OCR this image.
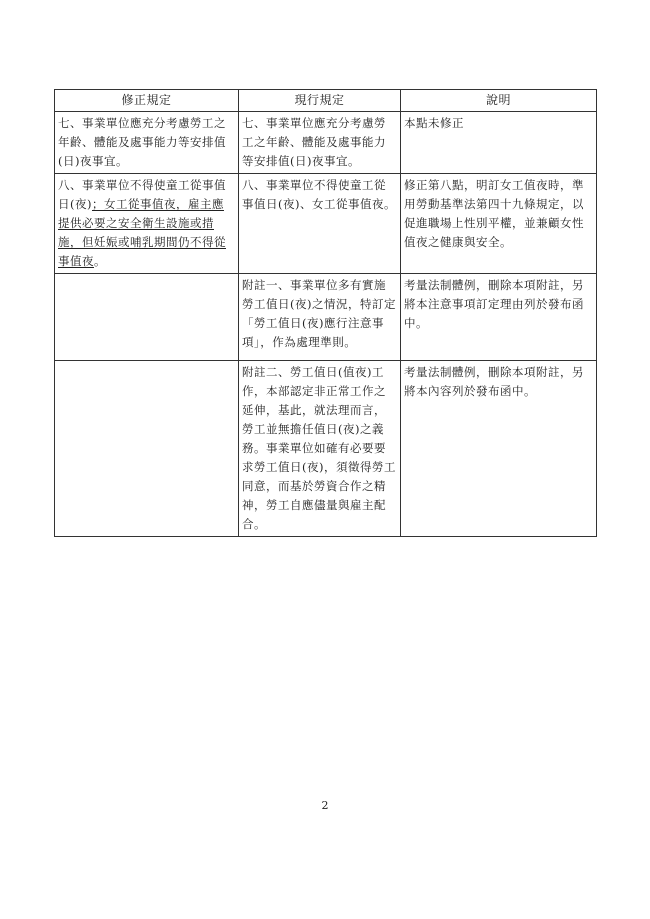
修正規定	現行規定	說明
七、事業單位應充分考慮勞工之年齡、體能及處事能力等安排值(日)夜事宜。	七、事業單位應充分考慮勞工之年齡、體能及處事能力等安排值(日)夜事宜。	本點未修正
八、事業單位不得使童工從事值日(夜)；女工從事值夜，雇主應提供必要之安全衛生設施或措施，但妊娠或哺乳期間仍不得從事值夜。	八、事業單位不得使童工從事值日(夜)、女工從事值夜。	修正第八點，明訂女工值夜時，準用勞動基準法第四十九條規定，以促進職場上性別平權，並兼顧女性值夜之健康與安全。
	附註一、事業單位多有實施勞工值日(夜)之情況，特訂定「勞工值日(夜)應行注意事項」，作為處理準則。	考量法制體例，刪除本項附註，另將本注意事項訂定理由列於發布函中。
	附註二、勞工值日(值夜)工作，本部認定非正常工作之延伸，基此，就法理而言，勞工並無擔任值日(夜)之義務。事業單位如確有必要要求勞工值日(夜)，須徵得勞工同意，而基於勞資合作之精神，勞工自應儘量與雇主配合。	考量法制體例，刪除本項附註，另將本內容列於發布函中。
2
